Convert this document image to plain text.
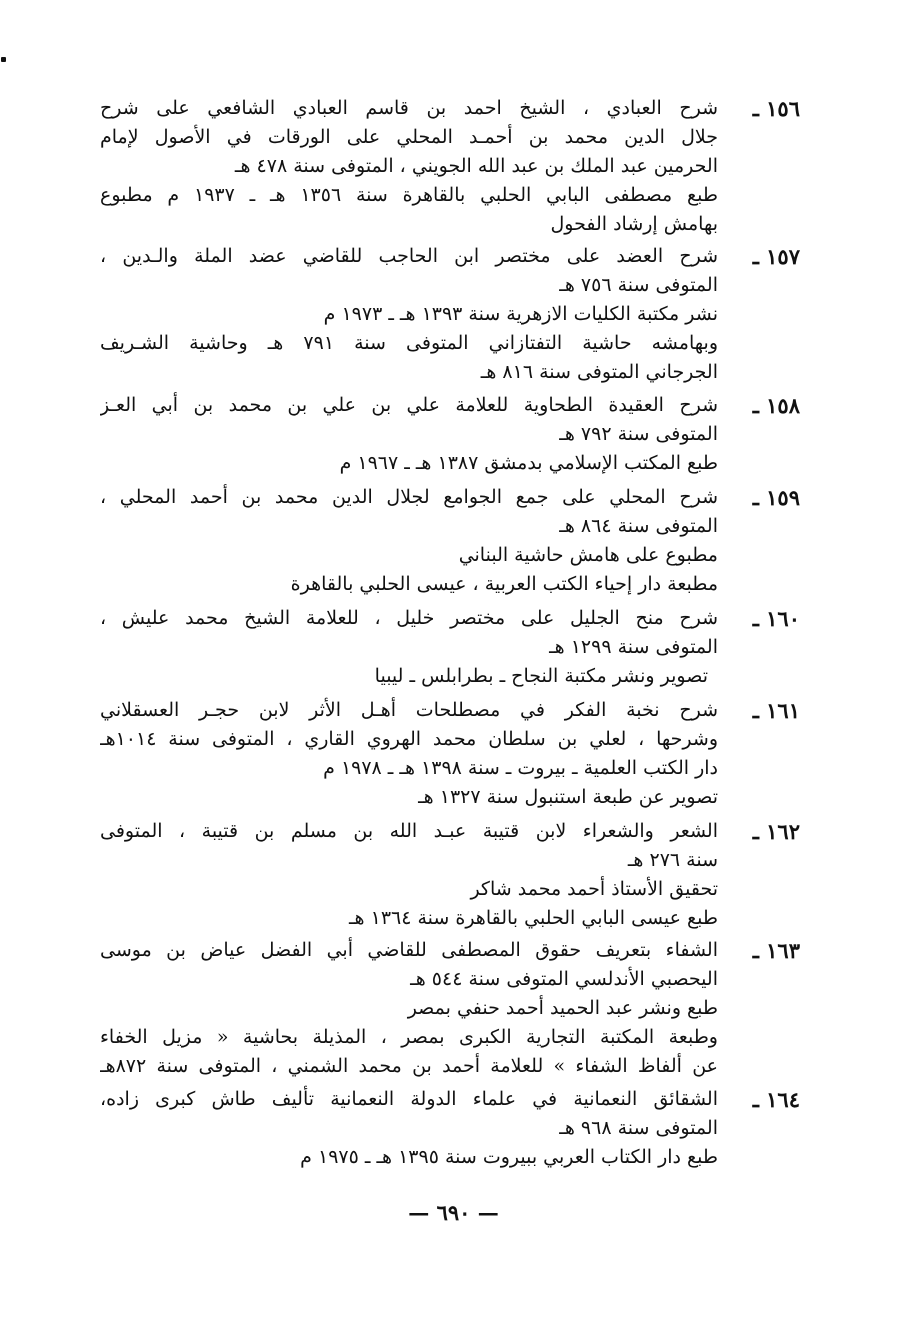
١٥٦ ـ
شرح العبادي ، الشيخ احمد بن قاسم العبادي الشافعي على شرح
جلال الدين محمد بن أحمـد المحلي على الورقات في الأصول لإمام
الحرمين عبد الملك بن عبد الله الجويني ، المتوفى سنة ٤٧٨ هـ
طبع مصطفى البابي الحلبي بالقاهرة سنة ١٣٥٦ هـ ـ ١٩٣٧ م مطبوع
بهامش إرشاد الفحول
١٥٧ ـ
شرح العضد على مختصر ابن الحاجب للقاضي عضد الملة والـدين ،
المتوفى سنة ٧٥٦ هـ
نشر مكتبة الكليات الازهرية سنة ١٣٩٣ هـ ـ ١٩٧٣ م
وبهامشه حاشية التفتازاني المتوفى سنة ٧٩١ هـ وحاشية الشـريف
الجرجاني المتوفى سنة ٨١٦ هـ
١٥٨ ـ
شرح العقيدة الطحاوية للعلامة علي بن علي بن محمد بن أبي العـز
المتوفى سنة ٧٩٢ هـ
طبع المكتب الإسلامي بدمشق ١٣٨٧ هـ ـ ١٩٦٧ م
١٥٩ ـ
شرح المحلي على جمع الجوامع لجلال الدين محمد بن أحمد المحلي ،
المتوفى سنة ٨٦٤ هـ
مطبوع على هامش حاشية البناني
مطبعة دار إحياء الكتب العربية ، عيسى الحلبي بالقاهرة
١٦٠ ـ
شرح منح الجليل على مختصر خليل ، للعلامة الشيخ محمد عليش ،
المتوفى سنة ١٢٩٩ هـ
تصوير ونشر مكتبة النجاح ـ بطرابلس ـ ليبيا
١٦١ ـ
شرح نخبة الفكر في مصطلحات أهـل الأثر لابن حجـر العسقلاني
وشرحها ، لعلي بن سلطان محمد الهروي القاري ، المتوفى سنة ١٠١٤هـ
دار الكتب العلمية ـ بيروت ـ سنة ١٣٩٨ هـ ـ ١٩٧٨ م
تصوير عن طبعة استنبول سنة ١٣٢٧ هـ
١٦٢ ـ
الشعر والشعراء لابن قتيبة عبـد الله بن مسلم بن قتيبة ، المتوفى
سنة ٢٧٦ هـ
تحقيق الأستاذ أحمد محمد شاكر
طبع عيسى البابي الحلبي بالقاهرة سنة ١٣٦٤ هـ
١٦٣ ـ
الشفاء بتعريف حقوق المصطفى للقاضي أبي الفضل عياض بن موسى
اليحصبي الأندلسي المتوفى سنة ٥٤٤ هـ
طبع ونشر عبد الحميد أحمد حنفي بمصر
وطبعة المكتبة التجارية الكبرى بمصر ، المذيلة بحاشية « مزيل الخفاء
عن ألفاظ الشفاء » للعلامة أحمد بن محمد الشمني ، المتوفى سنة ٨٧٢هـ
١٦٤ ـ
الشقائق النعمانية في علماء الدولة النعمانية تأليف طاش كبرى زاده،
المتوفى سنة ٩٦٨ هـ
طبع دار الكتاب العربي ببيروت سنة ١٣٩٥ هـ ـ ١٩٧٥ م
— ٦٩٠ —
